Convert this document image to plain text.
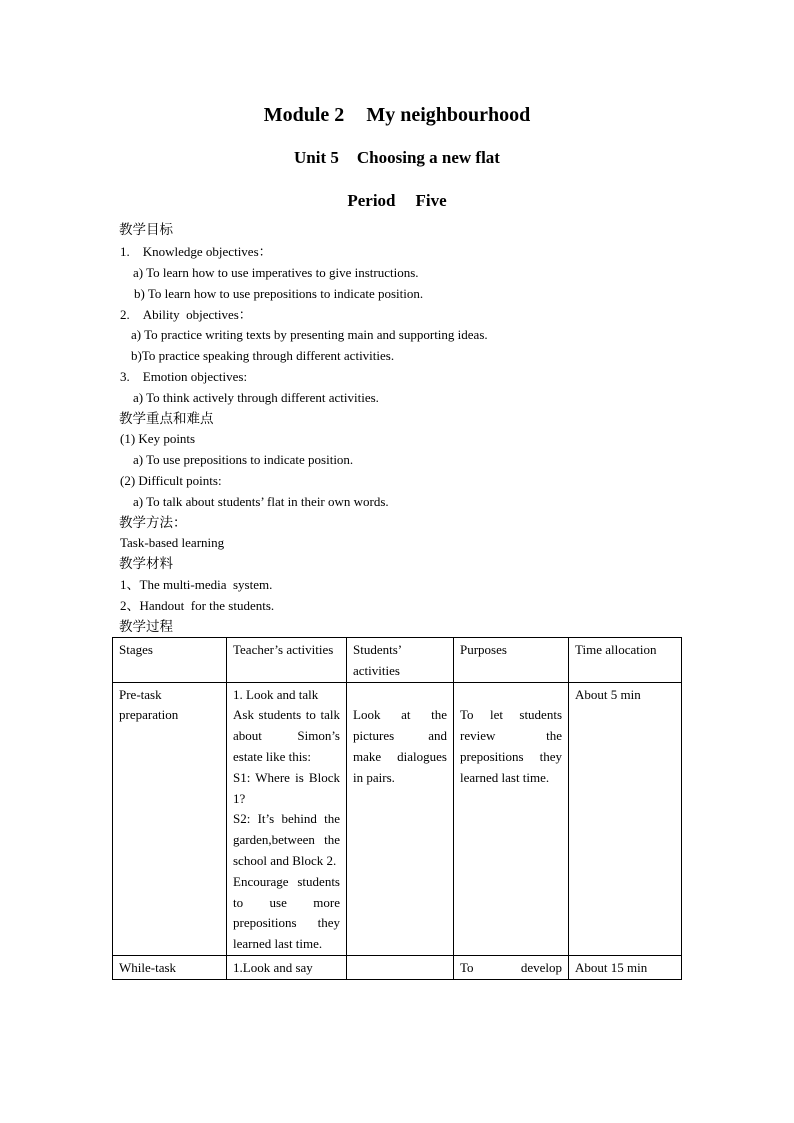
Module 2 My neighbourhood
Unit 5 Choosing a new flat
Period Five
教学目标
1.    Knowledge objectives：
a) To learn how to use imperatives to give instructions.
b) To learn how to use prepositions to indicate position.
2.    Ability  objectives：
a) To practice writing texts by presenting main and supporting ideas.
b)To practice speaking through different activities.
3.    Emotion objectives:
a) To think actively through different activities.
教学重点和难点
(1) Key points
a) To use prepositions to indicate position.
(2) Difficult points:
a) To talk about students’ flat in their own words.
教学方法：
Task-based learning
教学材料
1、The multi-media  system.
2、Handout  for the students.
教学过程
Stages	Teacher’s activities	Students’ activities	Purposes	Time allocation
Pre-task preparation	1. Look and talk
Ask students to talk about Simon’s estate like this:
S1: Where is Block 1?
S2: It’s behind the garden,between the school and Block 2.
Encourage students to use more prepositions they learned last time.	Look at the pictures and make dialogues in pairs.	To let students review the prepositions they learned last time.	About 5 min
While-task	1.Look and say		To develop	About 15 min
